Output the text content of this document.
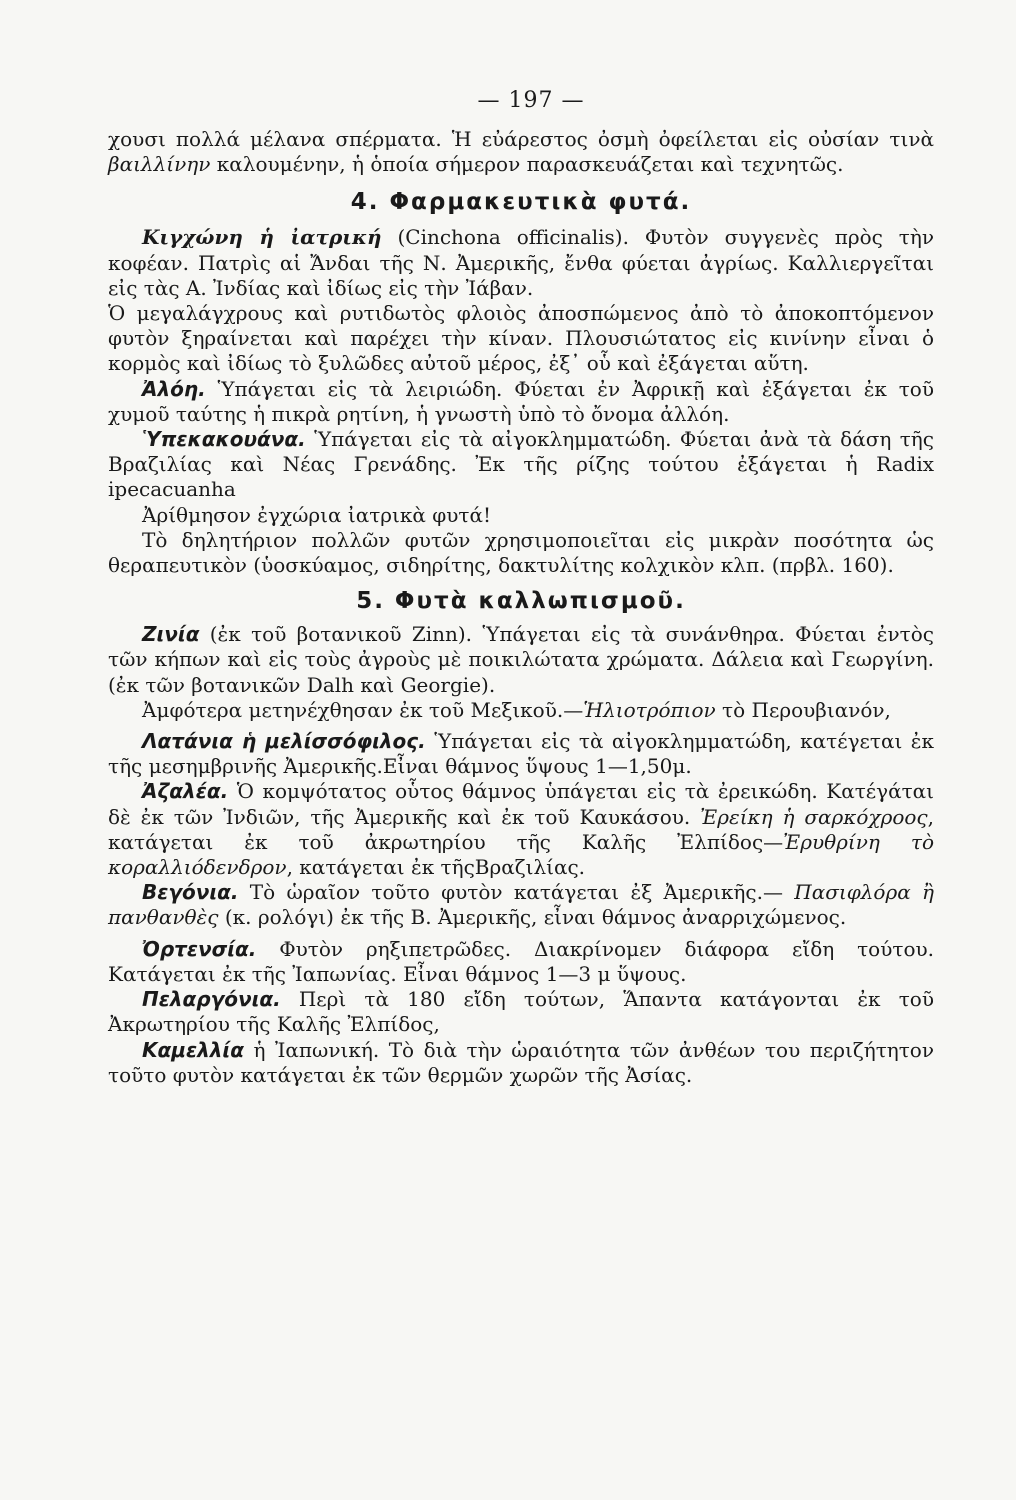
— 197 —

χουσι πολλά μέλανα σπέρματα. Ἡ εὐάρεστος ὀσμὴ ὀφείλεται εἰς οὐσίαν τινὰ βαιλλίνην καλουμένην, ἡ ὁποία σήμερον παρασκευάζεται καὶ τεχνητῶς.

4. Φαρμακευτικὰ φυτά.

Κιγχώνη ἡ ἰατρική (Cinchona officinalis). Φυτὸν συγγενὲς πρὸς τὴν κοφέαν. Πατρὶς αἱ Ἄνδαι τῆς Ν. Ἀμερικῆς, ἔνθα φύεται ἀγρίως. Καλλιεργεῖται εἰς τὰς Α. Ἰνδίας καὶ ἰδίως εἰς τὴν Ἰάβαν.

Ὁ μεγαλάγχρους καὶ ρυτιδωτὸς φλοιὸς ἀποσπώμενος ἀπὸ τὸ ἀποκοπτόμενον φυτὸν ξηραίνεται καὶ παρέχει τὴν κίναν. Πλουσιώτατος εἰς κινίνην εἶναι ὁ κορμὸς καὶ ἰδίως τὸ ξυλῶδες αὐτοῦ μέρος, ἐξ᾽ οὗ καὶ ἐξάγεται αὕτη.

Ἀλόη. Ὑπάγεται εἰς τὰ λειριώδη. Φύεται ἐν Ἀφρικῇ καὶ ἐξάγεται ἐκ τοῦ χυμοῦ ταύτης ἡ πικρὰ ρητίνη, ἡ γνωστὴ ὑπὸ τὸ ὄνομα ἀλλόη.

Ὑπεκακουάνα. Ὑπάγεται εἰς τὰ αἰγοκλημματώδη. Φύεται ἀνὰ τὰ δάση τῆς Βραζιλίας καὶ Νέας Γρενάδης. Ἐκ τῆς ρίζης τούτου ἐξάγεται ἡ Radix ipecacuanha

Ἀρίθμησον ἐγχώρια ἰατρικὰ φυτά!

Τὸ δηλητήριον πολλῶν φυτῶν χρησιμοποιεῖται εἰς μικρὰν ποσότητα ὡς θεραπευτικὸν (ὑοσκύαμος, σιδηρίτης, δακτυλίτης κολχικὸν κλπ. (πρβλ. 160).

5. Φυτὰ καλλωπισμοῦ.

Ζινία (ἐκ τοῦ βοτανικοῦ Zinn). Ὑπάγεται εἰς τὰ συνάνθηρα. Φύεται ἐντὸς τῶν κήπων καὶ εἰς τοὺς ἀγροὺς μὲ ποικιλώτατα χρώματα. Δάλεια καὶ Γεωργίνη. (ἐκ τῶν βοτανικῶν Dalh καὶ Georgie).

Ἀμφότερα μετηνέχθησαν ἐκ τοῦ Μεξικοῦ.—Ἡλιοτρόπιον τὸ Περουβιανόν,

Λατάνια ἡ μελίσσόφιλος. Ὑπάγεται εἰς τὰ αἰγοκλημματώδη, κατέγεται ἐκ τῆς μεσημβρινῆς Ἀμερικῆς.Εἶναι θάμνος ὕψους 1—1,50μ.

Ἀζαλέα. Ὁ κομψότατος οὗτος θάμνος ὑπάγεται εἰς τὰ ἐρεικώδη. Κατέγάται δὲ ἐκ τῶν Ἰνδιῶν, τῆς Ἀμερικῆς καὶ ἐκ τοῦ Καυκάσου. Ἐρείκη ἡ σαρκόχροος, κατάγεται ἐκ τοῦ ἀκρωτηρίου τῆς Καλῆς Ἐλπίδος—Ἐρυθρίνη τὸ κοραλλιόδενδρον, κατάγεται ἐκ τῆςΒραζιλίας.

Βεγόνια. Τὸ ὡραῖον τοῦτο φυτὸν κατάγεται ἐξ Ἀμερικῆς.— Πασιφλόρα ἢ πανθανθὲς (κ. ρολόγι) ἐκ τῆς Β. Ἀμερικῆς, εἶναι θάμνος ἀναρριχώμενος.

Ὀρτενσία. Φυτὸν ρηξιπετρῶδες. Διακρίνομεν διάφορα εἴδη τούτου. Κατάγεται ἐκ τῆς Ἰαπωνίας. Εἶναι θάμνος 1—3 μ ὕψους.

Πελαργόνια. Περὶ τὰ 180 εἴδη τούτων, Ἅπαντα κατάγονται ἐκ τοῦ Ἀκρωτηρίου τῆς Καλῆς Ἐλπίδος,

Καμελλία ἡ Ἰαπωνική. Τὸ διὰ τὴν ὡραιότητα τῶν ἀνθέων του περιζήτητον τοῦτο φυτὸν κατάγεται ἐκ τῶν θερμῶν χωρῶν τῆς Ἀσίας.
